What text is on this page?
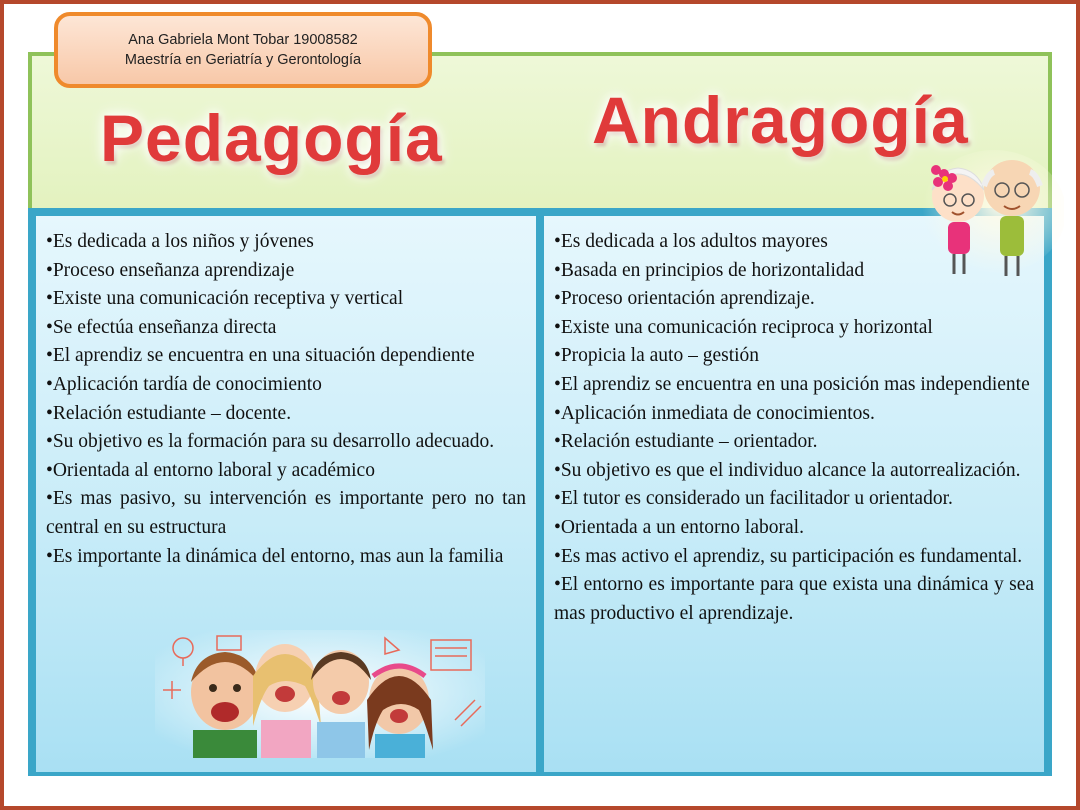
Ana Gabriela Mont Tobar 19008582
Maestría en Geriatría y Gerontología
Pedagogía Andragogía
•Es dedicada a los niños y jóvenes
•Proceso enseñanza aprendizaje
•Existe una comunicación receptiva y vertical
•Se efectúa enseñanza directa
•El aprendiz se encuentra en una situación dependiente
•Aplicación tardía de conocimiento
•Relación estudiante – docente.
•Su objetivo es la formación para su desarrollo adecuado.
•Orientada al entorno laboral y académico
•Es mas pasivo, su intervención es importante pero no tan central en su estructura
•Es importante la dinámica del entorno, mas aun la familia
•Es dedicada a los adultos mayores
•Basada en principios de horizontalidad
•Proceso orientación aprendizaje.
•Existe una comunicación reciproca y horizontal
•Propicia la auto – gestión
•El aprendiz se encuentra en una posición mas independiente
•Aplicación inmediata de conocimientos.
•Relación estudiante – orientador.
•Su objetivo es que el individuo alcance la autorrealización.
•El tutor es considerado un facilitador u orientador.
•Orientada a un entorno laboral.
•Es mas activo el aprendiz, su participación es fundamental.
•El entorno es importante para que exista una dinámica y sea mas productivo el aprendizaje.
